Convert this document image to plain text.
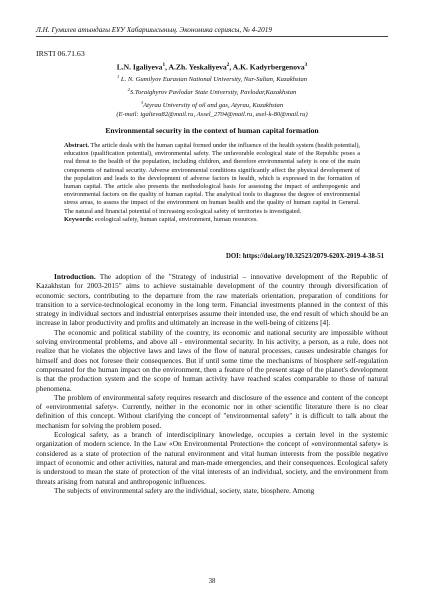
Л.Н. Гумилев атындағы ЕҰУ Хабаршысының. Экономика сериясы, № 4-2019
IRSTI 06.71.63
L.N. Igaliyeva$^1$, A.Zh. Yeskaliyeva$^2$, A.K. Kadyrbergenova$^3$
$^1$ L. N. Gumilyov Eurasian National University, Nur-Sultan, Kazakhstan
$^2$S.Toraighyrov Pavlodar State University, Pavlodar,Kazakhstan
$^3$Atyrau University of oil and gas, Atyrau, Kazakhstan
(E-mail: igalieva82@mail.ru, Assel_2704@mail.ru, asel-k-80@mail.ru)
Environmental security in the context of human capital formation
Abstract. The article deals with the human capital formed under the influence of the health system (health potential), education (qualification potential), environmental safety. The unfavorable ecological state of the Republic poses a real threat to the health of the population, including children, and therefore environmental safety is one of the main components of national security. Adverse environmental conditions significantly affect the physical development of the population and leads to the development of adverse factors in health, which is expressed in the formation of human capital. The article also presents the methodological basis for assessing the impact of anthropogenic and environmental factors on the quality of human capital. The analytical tools to diagnose the degree of environmental stress areas, to assess the impact of the environment on human health and the quality of human capital in General. The natural and financial potential of increasing ecological safety of territories is investigated.
Keywords: ecological safety, human capital, environment, human resources.
DOI: https://doi.org/10.32523/2079-620X-2019-4-38-51

Introduction. The adoption of the "Strategy of industrial – innovative development of the Republic of Kazakhstan for 2003-2015" aims to achieve sustainable development of the country through diversification of economic sectors, contributing to the departure from the raw materials orientation, preparation of conditions for transition to a service-technological economy in the long term. Financial investments planned in the context of this strategy in individual sectors and industrial enterprises assume their intended use, the end result of which should be an increase in labor productivity and profits and ultimately an increase in the well-being of citizens [4].

The economic and political stability of the country, its economic and national security are impossible without solving environmental problems, and above all - environmental security. In his activity, a person, as a rule, does not realize that he violates the objective laws and laws of the flow of natural processes, causes undesirable changes for himself and does not foresee their consequences. But if until some time the mechanisms of biosphere self-regulation compensated for the human impact on the environment, then a feature of the present stage of the planet's development is that the production system and the scope of human activity have reached scales comparable to those of natural phenomena.

The problem of environmental safety requires research and disclosure of the essence and content of the concept of «environmental safety». Currently, neither in the economic nor in other scientific literature there is no clear definition of this concept. Without clarifying the concept of "environmental safety" it is difficult to talk about the mechanism for solving the problem posed.

Ecological safety, as a branch of interdisciplinary knowledge, occupies a certain level in the systemic organization of modern science. In the Law «On Environmental Protection» the concept of «environmental safety» is considered as a state of protection of the natural environment and vital human interests from the possible negative impact of economic and other activities, natural and man-made emergencies, and their consequences. Ecological safety is understood to mean the state of protection of the vital interests of an individual, society, and the environment from threats arising from natural and anthropogenic influences.

The subjects of environmental safety are the individual, society, state, biosphere. Among

38
